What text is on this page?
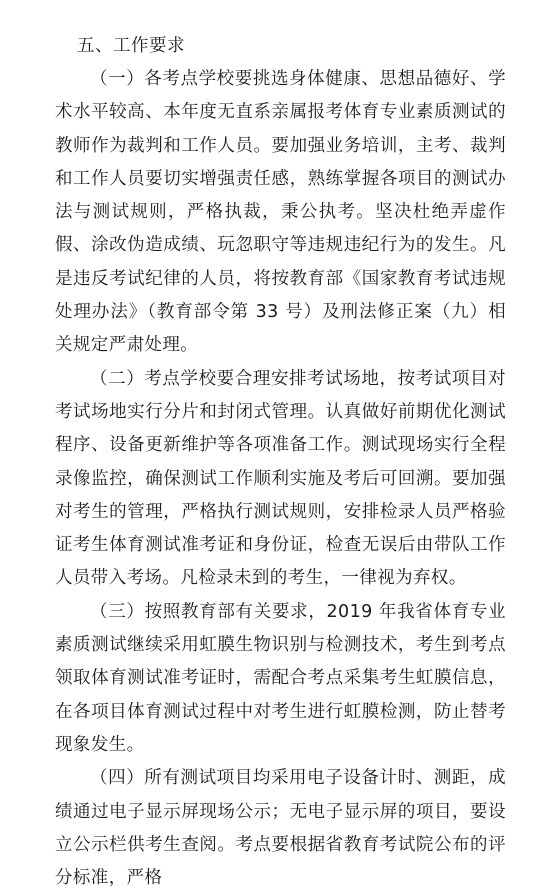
五、工作要求

（一）各考点学校要挑选身体健康、思想品德好、学术水平较高、本年度无直系亲属报考体育专业素质测试的教师作为裁判和工作人员。要加强业务培训，主考、裁判和工作人员要切实增强责任感，熟练掌握各项目的测试办法与测试规则，严格执裁，秉公执考。坚决杜绝弄虚作假、涂改伪造成绩、玩忽职守等违规违纪行为的发生。凡是违反考试纪律的人员，将按教育部《国家教育考试违规处理办法》（教育部令第 33 号）及刑法修正案（九）相关规定严肃处理。

（二）考点学校要合理安排考试场地，按考试项目对考试场地实行分片和封闭式管理。认真做好前期优化测试程序、设备更新维护等各项准备工作。测试现场实行全程录像监控，确保测试工作顺利实施及考后可回溯。要加强对考生的管理，严格执行测试规则，安排检录人员严格验证考生体育测试准考证和身份证，检查无误后由带队工作人员带入考场。凡检录未到的考生，一律视为弃权。

（三）按照教育部有关要求，2019 年我省体育专业素质测试继续采用虹膜生物识别与检测技术，考生到考点领取体育测试准考证时，需配合考点采集考生虹膜信息，在各项目体育测试过程中对考生进行虹膜检测，防止替考现象发生。

（四）所有测试项目均采用电子设备计时、测距，成绩通过电子显示屏现场公示；无电子显示屏的项目，要设立公示栏供考生查阅。考点要根据省教育考试院公布的评分标准，严格
